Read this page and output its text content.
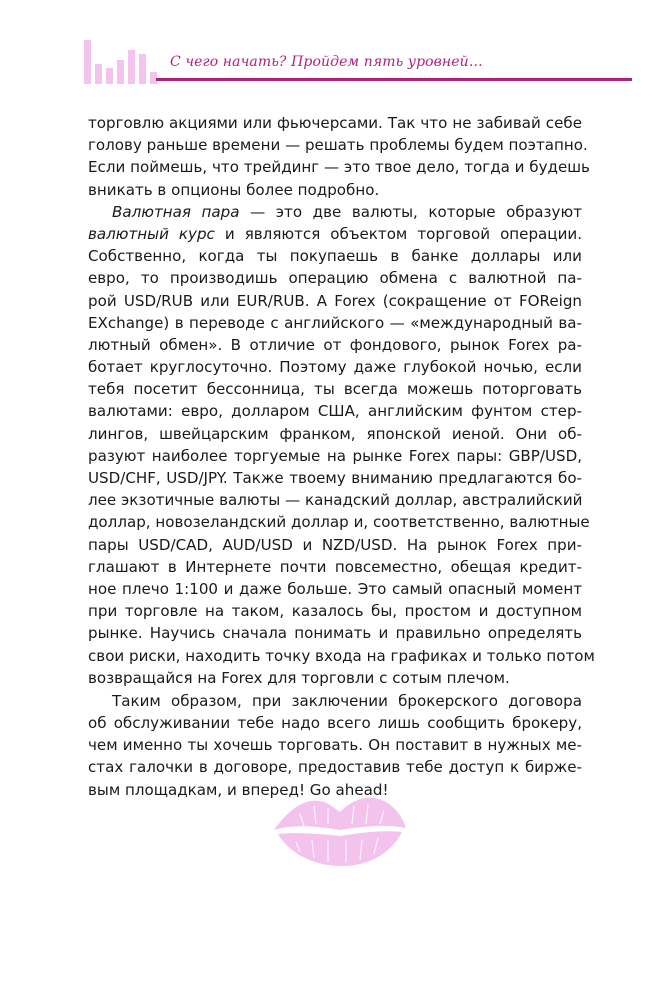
С чего начать? Пройдем пять уровней…
торговлю акциями или фьючерсами. Так что не забивай себе
голову раньше времени — решать проблемы будем поэтапно.
Если поймешь, что трейдинг — это твое дело, тогда и будешь
вникать в опционы более подробно.
Валютная пара — это две валюты, которые образуют
валютный курс и являются объектом торговой операции.
Собственно, когда ты покупаешь в банке доллары или
евро, то производишь операцию обмена с валютной па-
рой USD/RUB или EUR/RUB. А Forex (сокращение от FOReign
EXchange) в переводе с английского — «международный ва-
лютный обмен». В отличие от фондового, рынок Forex ра-
ботает круглосуточно. Поэтому даже глубокой ночью, если
тебя посетит бессонница, ты всегда можешь поторговать
валютами: евро, долларом США, английским фунтом стер-
лингов, швейцарским франком, японской иеной. Они об-
разуют наиболее торгуемые на рынке Forex пары: GBP/USD,
USD/CHF, USD/JPY. Также твоему вниманию предлагаются бо-
лее экзотичные валюты — канадский доллар, австралийский
доллар, новозеландский доллар и, соответственно, валютные
пары USD/CAD, AUD/USD и NZD/USD. На рынок Forex при-
глашают в Интернете почти повсеместно, обещая кредит-
ное плечо 1:100 и даже больше. Это самый опасный момент
при торговле на таком, казалось бы, простом и доступном
рынке. Научись сначала понимать и правильно определять
свои риски, находить точку входа на графиках и только потом
возвращайся на Forex для торговли с сотым плечом.
Таким образом, при заключении брокерского договора
об обслуживании тебе надо всего лишь сообщить брокеру,
чем именно ты хочешь торговать. Он поставит в нужных ме-
стах галочки в договоре, предоставив тебе доступ к бирже-
вым площадкам, и вперед! Go ahead!
